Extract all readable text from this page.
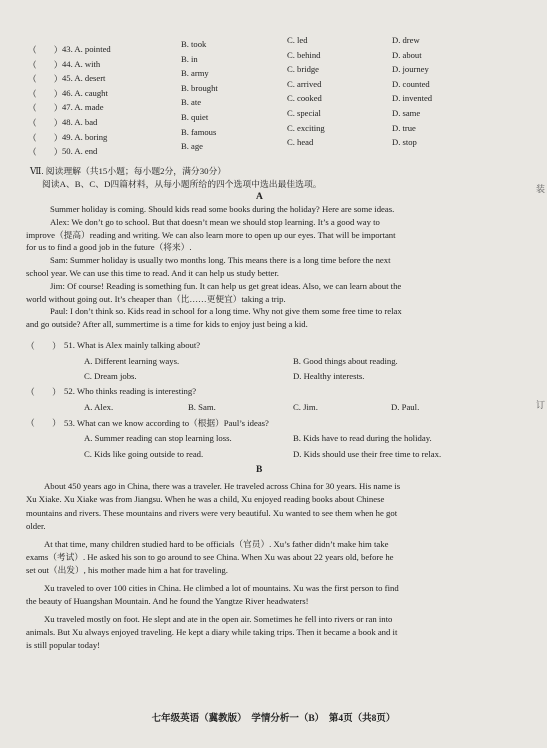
（　　） 43. A. pointed	B. took	C. led	D. drew
（　　） 44. A. with	B. in	C. behind	D. about
（　　） 45. A. desert	B. army	C. bridge	D. journey
（　　） 46. A. caught	B. brought	C. arrived	D. counted
（　　） 47. A. made	B. ate	C. cooked	D. invented
（　　） 48. A. bad	B. quiet	C. special	D. same
（　　） 49. A. boring	B. famous	C. exciting	D. true
（　　） 50. A. end	B. age	C. head	D. stop
Ⅶ. 阅读理解（共15小题；每小题2分，满分30分）
阅读A、B、C、D四篇材料，从每小题所给的四个选项中选出最佳选项。
A
Summer holiday is coming. Should kids read some books during the holiday? Here are some ideas.
Alex: We don’t go to school. But that doesn’t mean we should stop learning. It’s a good way to
improve（提高）reading and writing. We can also learn more to open up our eyes. That will be important
for us to find a good job in the future（将来）.
Sam: Summer holiday is usually two months long. This means there is a long time before the next
school year. We can use this time to read. And it can help us study better.
Jim: Of course! Reading is something fun. It can help us get great ideas. Also, we can learn about the
world without going out. It’s cheaper than（比……更便宜）taking a trip.
Paul: I don’t think so. Kids read in school for a long time. Why not give them some free time to relax
and go outside? After all, summertime is a time for kids to enjoy just being a kid.
（　　） 51. What is Alex mainly talking about?
A. Different learning ways.	B. Good things about reading.
C. Dream jobs.	D. Healthy interests.
（　　） 52. Who thinks reading is interesting?
A. Alex.	B. Sam.	C. Jim.	D. Paul.
（　　） 53. What can we know according to（根据）Paul’s ideas?
A. Summer reading can stop learning loss.	B. Kids have to read during the holiday.
C. Kids like going outside to read.	D. Kids should use their free time to relax.
B
About 450 years ago in China, there was a traveler. He traveled across China for 30 years. His name is
Xu Xiake. Xu Xiake was from Jiangsu. When he was a child, Xu enjoyed reading books about Chinese
mountains and rivers. These mountains and rivers were very beautiful. Xu wanted to see them when he got
older.
At that time, many children studied hard to be officials（官员）. Xu’s father didn’t make him take
exams（考试）. He asked his son to go around to see China. When Xu was about 22 years old, before he
set out（出发）, his mother made him a hat for traveling.
Xu traveled to over 100 cities in China. He climbed a lot of mountains. Xu was the first person to find
the beauty of Huangshan Mountain. And he found the Yangtze River headwaters!
Xu traveled mostly on foot. He slept and ate in the open air. Sometimes he fell into rivers or ran into
animals. But Xu always enjoyed traveling. He kept a diary while taking trips. Then it became a book and it
is still popular today!
七年级英语（冀教版）　学情分析一（B）　第4页（共8页）
装
订
